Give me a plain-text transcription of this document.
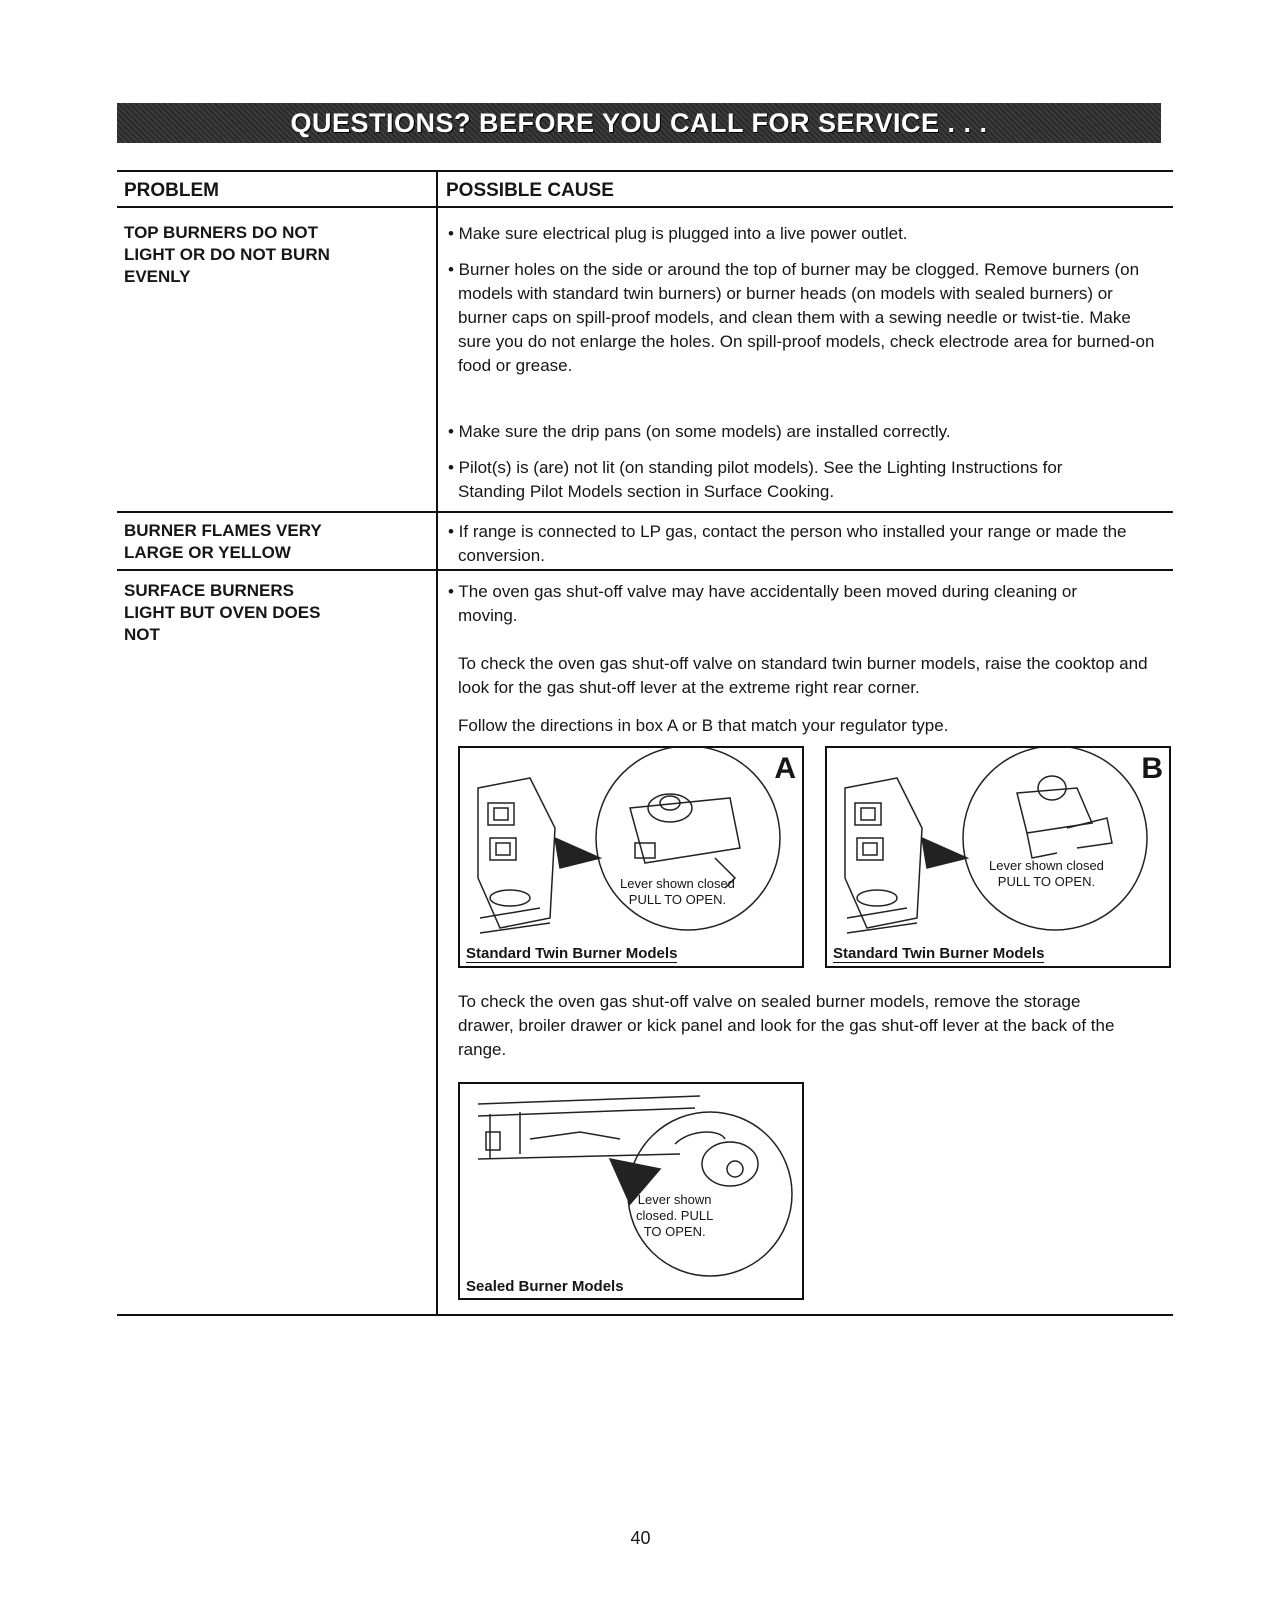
QUESTIONS? BEFORE YOU CALL FOR SERVICE . . .
PROBLEM	POSSIBLE CAUSE
TOP BURNERS DO NOT LIGHT OR DO NOT BURN EVENLY
• Make sure electrical plug is plugged into a live power outlet.
• Burner holes on the side or around the top of burner may be clogged. Remove burners (on models with standard twin burners) or burner heads (on models with sealed burners) or burner caps on spill-proof models, and clean them with a sewing needle or twist-tie. Make sure you do not enlarge the holes. On spill-proof models, check electrode area for burned-on food or grease.
• Make sure the drip pans (on some models) are installed correctly.
• Pilot(s) is (are) not lit (on standing pilot models). See the Lighting Instructions for Standing Pilot Models section in Surface Cooking.
BURNER FLAMES VERY LARGE OR YELLOW
• If range is connected to LP gas, contact the person who installed your range or made the conversion.
SURFACE BURNERS LIGHT BUT OVEN DOES NOT
• The oven gas shut-off valve may have accidentally been moved during cleaning or moving.
To check the oven gas shut-off valve on standard twin burner models, raise the cooktop and look for the gas shut-off lever at the extreme right rear corner.
Follow the directions in box A or B that match your regulator type.
A
Lever shown closed
PULL TO OPEN.
Standard Twin Burner Models
B
Lever shown closed
PULL TO OPEN.
Standard Twin Burner Models
To check the oven gas shut-off valve on sealed burner models, remove the storage drawer, broiler drawer or kick panel and look for the gas shut-off lever at the back of the range.
Lever shown
closed. PULL
TO OPEN.
Sealed Burner Models
40
